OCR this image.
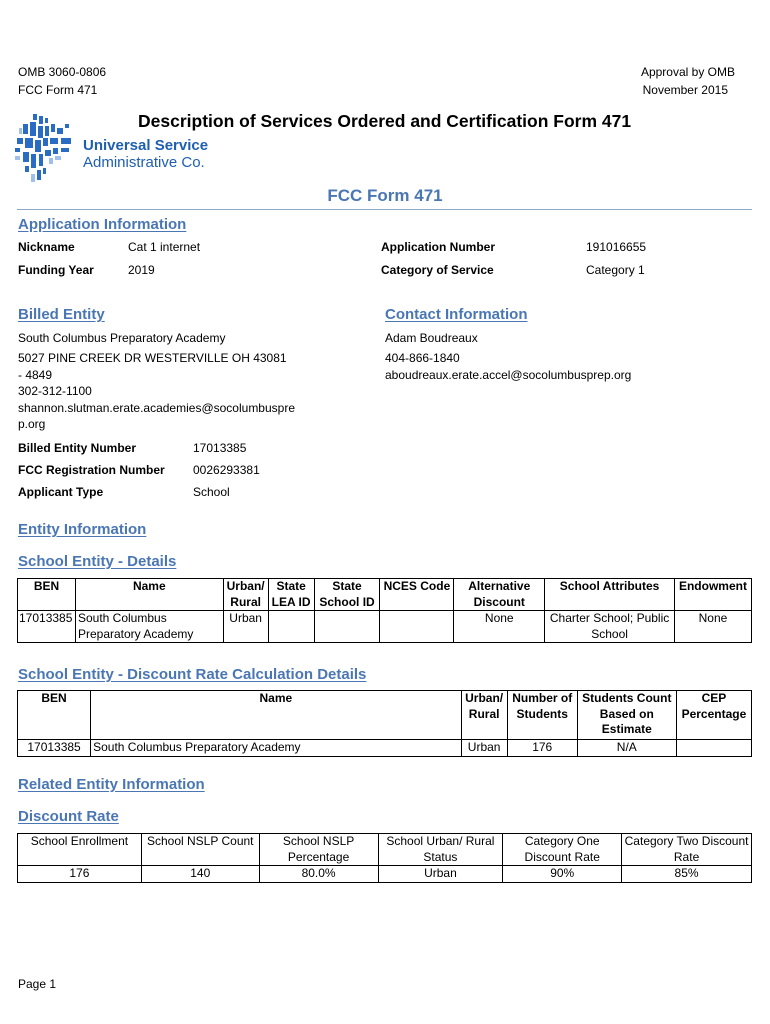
OMB 3060-0806
FCC Form 471
Approval by OMB
November 2015
Universal Service
Administrative Co.
Description of Services Ordered and Certification Form 471
FCC Form 471
Application Information
Nickname	Cat 1 internet
Funding Year	2019
Application Number	191016655
Category of Service	Category 1
Billed Entity
South Columbus Preparatory Academy
5027 PINE CREEK DR WESTERVILLE OH 43081
- 4849
302-312-1100
shannon.slutman.erate.academies@socolumbuspre
p.org
Billed Entity Number	17013385
FCC Registration Number 0026293381
Applicant Type	School
Contact Information
Adam Boudreaux
404-866-1840
aboudreaux.erate.accel@socolumbusprep.org
Entity Information
School Entity - Details
BEN	Name	Urban/ Rural	State LEA ID	State School ID	NCES Code	Alternative Discount	School Attributes	Endowment
17013385	South Columbus Preparatory Academy	Urban				None	Charter School; Public School	None
School Entity - Discount Rate Calculation Details
BEN	Name	Urban/ Rural	Number of Students	Students Count Based on Estimate	CEP Percentage
17013385	South Columbus Preparatory Academy	Urban	176	N/A	
Related Entity Information
Discount Rate
School Enrollment	School NSLP Count	School NSLP Percentage	School Urban/ Rural Status	Category One Discount Rate	Category Two Discount Rate
176	140	80.0%	Urban	90%	85%
Page 1
